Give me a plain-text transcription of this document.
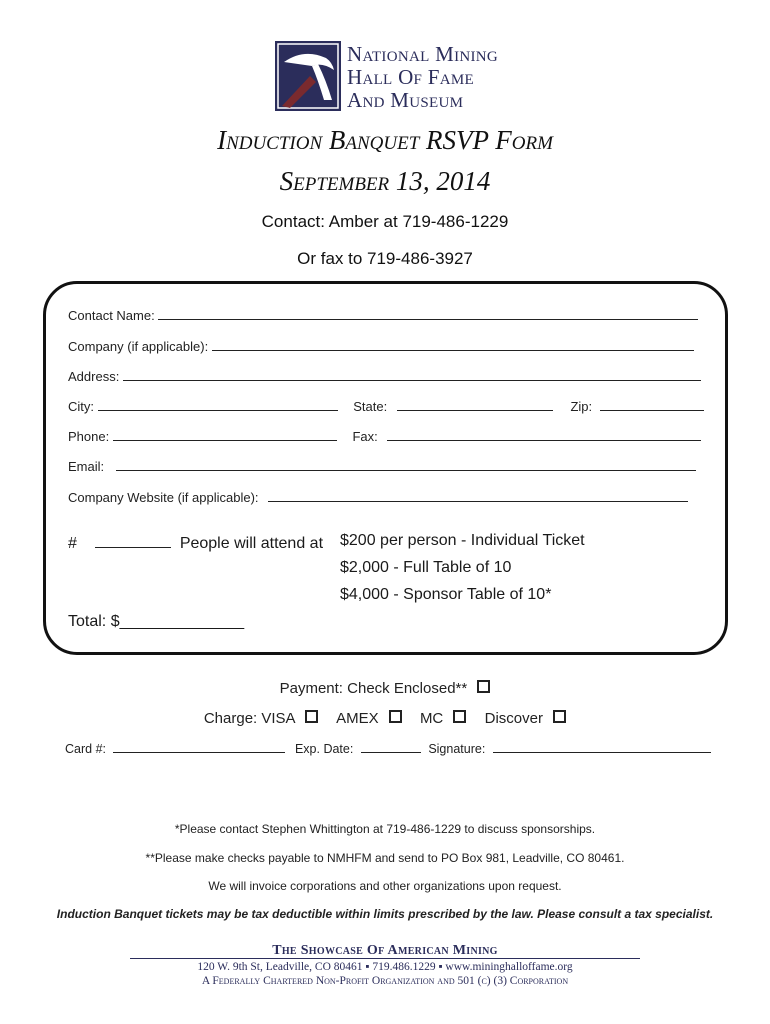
National Mining
Hall Of Fame
And Museum
Induction Banquet RSVP Form
September 13, 2014
Contact: Amber at 719-486-1229
Or fax to 719-486-3927
Contact Name:
Company (if applicable):
Address:
City:	State:	Zip:
Phone:	Fax:
Email:
Company Website (if applicable):
#	People will attend at $200 per person - Individual Ticket
$2,000 - Full Table of 10
$4,000 - Sponsor Table of 10*
Total: $______________
Payment: Check Enclosed**
Charge: VISA	AMEX	MC	Discover
Card #:	Exp. Date:	Signature:
*Please contact Stephen Whittington at 719-486-1229 to discuss sponsorships.
**Please make checks payable to NMHFM and send to PO Box 981, Leadville, CO 80461.
We will invoice corporations and other organizations upon request.
Induction Banquet tickets may be tax deductible within limits prescribed by the law. Please consult a tax specialist.
The Showcase Of American Mining
120 W. 9th St, Leadville, CO 80461 ▪ 719.486.1229 ▪ www.mininghalloffame.org
A Federally Chartered Non-Profit Organization and 501 (c) (3) Corporation
